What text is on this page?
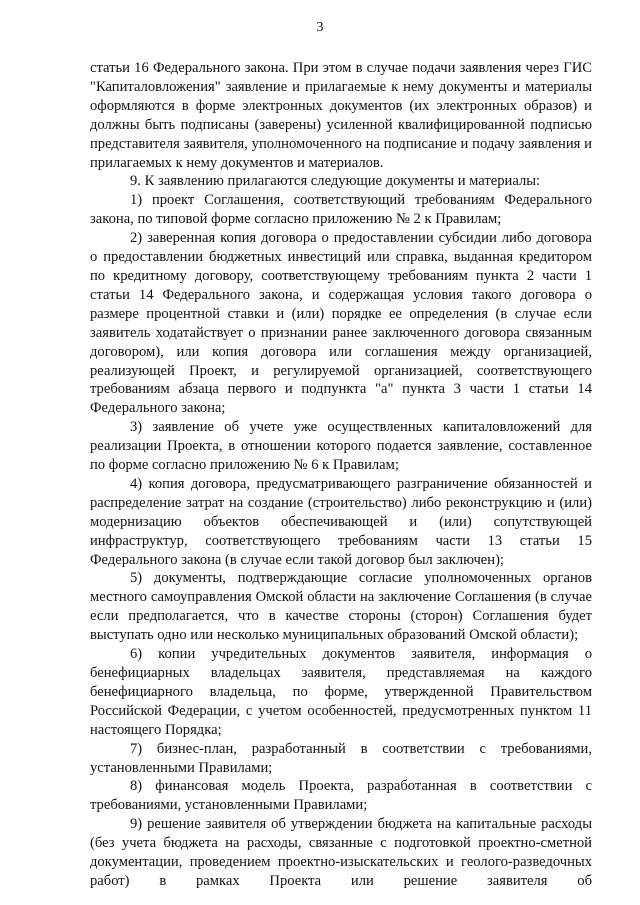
3

статьи 16 Федерального закона. При этом в случае подачи заявления через ГИС "Капиталовложения" заявление и прилагаемые к нему документы и материалы оформляются в форме электронных документов (их электронных образов) и должны быть подписаны (заверены) усиленной квалифицированной подписью представителя заявителя, уполномоченного на подписание и подачу заявления и прилагаемых к нему документов и материалов.

9. К заявлению прилагаются следующие документы и материалы:

1) проект Соглашения, соответствующий требованиям Федерального закона, по типовой форме согласно приложению № 2 к Правилам;

2) заверенная копия договора о предоставлении субсидии либо договора о предоставлении бюджетных инвестиций или справка, выданная кредитором по кредитному договору, соответствующему требованиям пункта 2 части 1 статьи 14 Федерального закона, и содержащая условия такого договора о размере процентной ставки и (или) порядке ее определения (в случае если заявитель ходатайствует о признании ранее заключенного договора связанным договором), или копия договора или соглашения между организацией, реализующей Проект, и регулируемой организацией, соответствующего требованиям абзаца первого и подпункта "а" пункта 3 части 1 статьи 14 Федерального закона;

3) заявление об учете уже осуществленных капиталовложений для реализации Проекта, в отношении которого подается заявление, составленное по форме согласно приложению № 6 к Правилам;

4) копия договора, предусматривающего разграничение обязанностей и распределение затрат на создание (строительство) либо реконструкцию и (или) модернизацию объектов обеспечивающей и (или) сопутствующей инфраструктур, соответствующего требованиям части 13 статьи 15 Федерального закона (в случае если такой договор был заключен);

5) документы, подтверждающие согласие уполномоченных органов местного самоуправления Омской области на заключение Соглашения (в случае если предполагается, что в качестве стороны (сторон) Соглашения будет выступать одно или несколько муниципальных образований Омской области);

6) копии учредительных документов заявителя, информация о бенефициарных владельцах заявителя, представляемая на каждого бенефициарного владельца, по форме, утвержденной Правительством Российской Федерации, с учетом особенностей, предусмотренных пунктом 11 настоящего Порядка;

7) бизнес-план, разработанный в соответствии с требованиями, установленными Правилами;

8) финансовая модель Проекта, разработанная в соответствии с требованиями, установленными Правилами;

9) решение заявителя об утверждении бюджета на капитальные расходы (без учета бюджета на расходы, связанные с подготовкой проектно-сметной документации, проведением проектно-изыскательских и геолого-разведочных работ) в рамках Проекта или решение заявителя об
